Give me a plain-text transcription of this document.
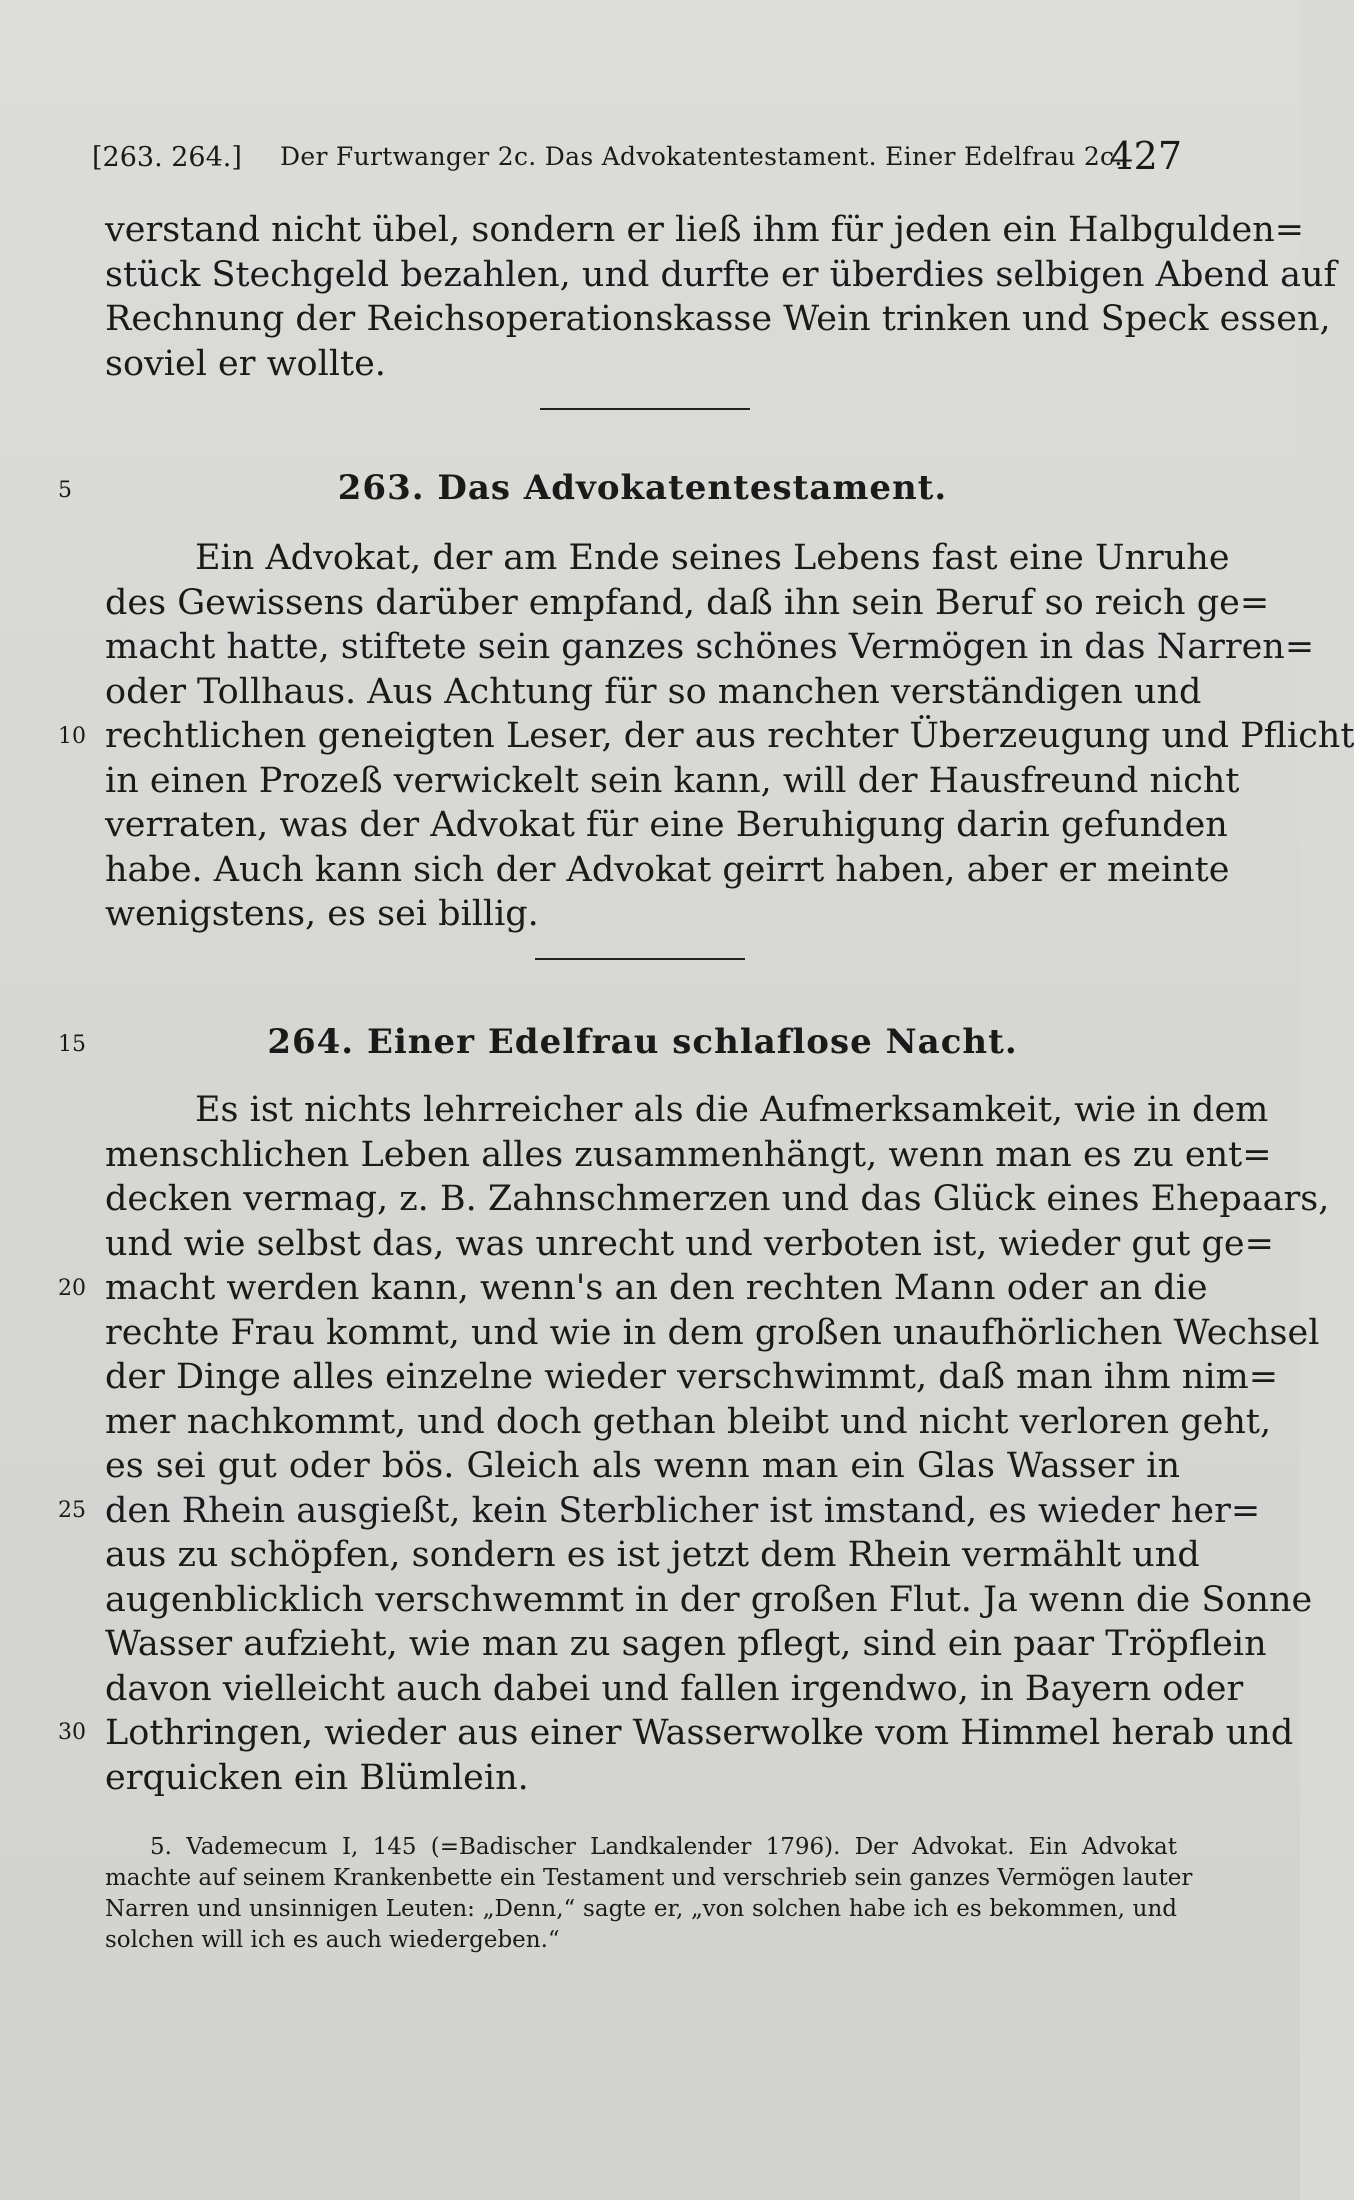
[263. 264.] Der Furtwanger 2c. Das Advokatentestament. Einer Edelfrau 2c.
427
verstand nicht übel, sondern er ließ ihm für jeden ein Halbgulden=
stück Stechgeld bezahlen, und durfte er überdies selbigen Abend auf
Rechnung der Reichsoperationskasse Wein trinken und Speck essen,
soviel er wollte.
5	263. Das Advokatentestament.
Ein Advokat, der am Ende seines Lebens fast eine Unruhe
des Gewissens darüber empfand, daß ihn sein Beruf so reich ge=
macht hatte, stiftete sein ganzes schönes Vermögen in das Narren=
oder Tollhaus. Aus Achtung für so manchen verständigen und
rechtlichen geneigten Leser, der aus rechter Überzeugung und Pflicht
in einen Prozeß verwickelt sein kann, will der Hausfreund nicht
verraten, was der Advokat für eine Beruhigung darin gefunden
habe. Auch kann sich der Advokat geirrt haben, aber er meinte
wenigstens, es sei billig.
10
15	264. Einer Edelfrau schlaflose Nacht.
Es ist nichts lehrreicher als die Aufmerksamkeit, wie in dem
menschlichen Leben alles zusammenhängt, wenn man es zu ent=
decken vermag, z. B. Zahnschmerzen und das Glück eines Ehepaars,
und wie selbst das, was unrecht und verboten ist, wieder gut ge=
macht werden kann, wenn's an den rechten Mann oder an die
rechte Frau kommt, und wie in dem großen unaufhörlichen Wechsel
der Dinge alles einzelne wieder verschwimmt, daß man ihm nim=
mer nachkommt, und doch gethan bleibt und nicht verloren geht,
es sei gut oder bös. Gleich als wenn man ein Glas Wasser in
den Rhein ausgießt, kein Sterblicher ist imstand, es wieder her=
aus zu schöpfen, sondern es ist jetzt dem Rhein vermählt und
augenblicklich verschwemmt in der großen Flut. Ja wenn die Sonne
Wasser aufzieht, wie man zu sagen pflegt, sind ein paar Tröpflein
davon vielleicht auch dabei und fallen irgendwo, in Bayern oder
Lothringen, wieder aus einer Wasserwolke vom Himmel herab und
erquicken ein Blümlein.
20
25
30
5. Vademecum I, 145 (=Badischer Landkalender 1796). Der Advokat. Ein Advokat
machte auf seinem Krankenbette ein Testament und verschrieb sein ganzes Vermögen lauter
Narren und unsinnigen Leuten: „Denn,“ sagte er, „von solchen habe ich es bekommen, und
solchen will ich es auch wiedergeben.“
